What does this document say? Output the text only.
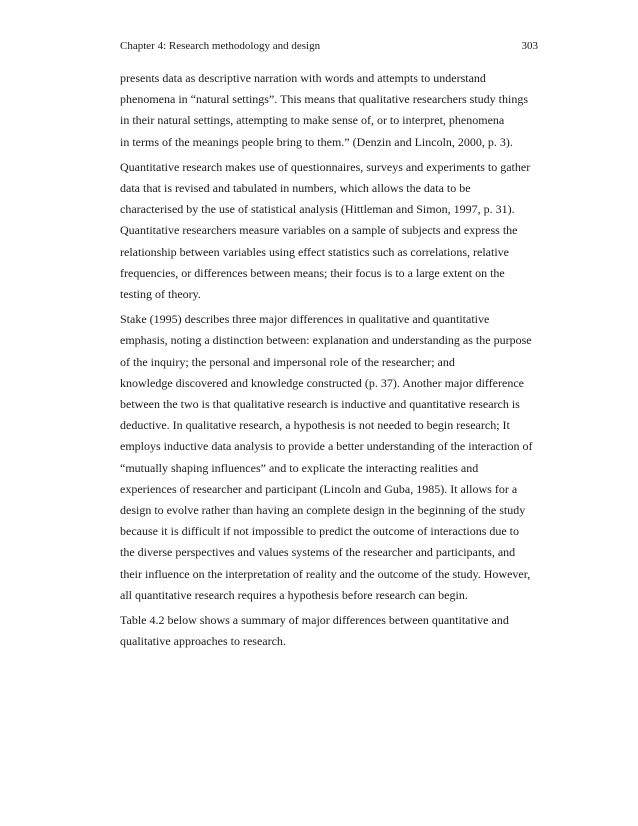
Chapter 4: Research methodology and design	303

presents data as descriptive narration with words and attempts to understand
phenomena in “natural settings”. This means that qualitative researchers study things
in their natural settings, attempting to make sense of, or to interpret, phenomena
in terms of the meanings people bring to them.” (Denzin and Lincoln, 2000, p. 3).

Quantitative research makes use of questionnaires, surveys and experiments to gather
data that is revised and tabulated in numbers, which allows the data to be
characterised by the use of statistical analysis (Hittleman and Simon, 1997, p. 31).
Quantitative researchers measure variables on a sample of subjects and express the
relationship between variables using effect statistics such as correlations, relative
frequencies, or differences between means; their focus is to a large extent on the
testing of theory.

Stake (1995) describes three major differences in qualitative and quantitative
emphasis, noting a distinction between: explanation and understanding as the purpose
of the inquiry; the personal and impersonal role of the researcher; and
knowledge discovered and knowledge constructed (p. 37). Another major difference
between the two is that qualitative research is inductive and quantitative research is
deductive. In qualitative research, a hypothesis is not needed to begin research; It
employs inductive data analysis to provide a better understanding of the interaction of
“mutually shaping influences” and to explicate the interacting realities and
experiences of researcher and participant (Lincoln and Guba, 1985). It allows for a
design to evolve rather than having an complete design in the beginning of the study
because it is difficult if not impossible to predict the outcome of interactions due to
the diverse perspectives and values systems of the researcher and participants, and
their influence on the interpretation of reality and the outcome of the study. However,
all quantitative research requires a hypothesis before research can begin.

Table 4.2 below shows a summary of major differences between quantitative and
qualitative approaches to research.
